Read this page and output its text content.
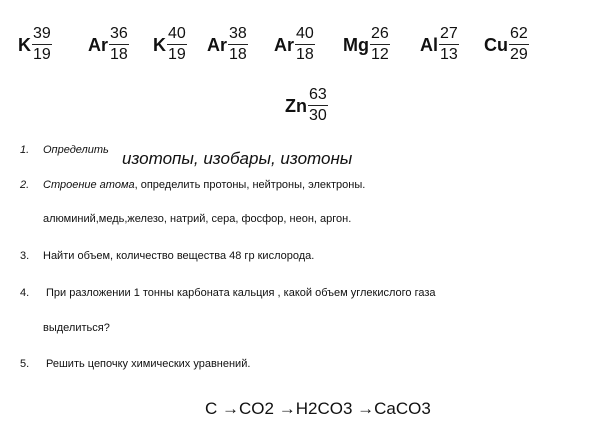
K $\frac{39}{19}$ Ar $\frac{36}{18}$ K $\frac{40}{19}$ Ar $\frac{38}{18}$ Ar $\frac{40}{18}$ Mg $\frac{26}{12}$ Al $\frac{27}{13}$ Cu $\frac{62}{29}$
Zn $\frac{63}{30}$
1. Определить изотопы, изобары, изотоны
2. Строение атома, определить протоны, нейтроны, электроны.
алюминий,медь,железо, натрий, сера, фосфор, неон, аргон.
3. Найти объем, количество вещества 48 гр кислорода.
4. При разложении 1 тонны карбоната кальция , какой объем углекислого газа
выделиться?
5. Решить цепочку химических уравнений.
C →CO2 →H2CO3 →CaCO3
